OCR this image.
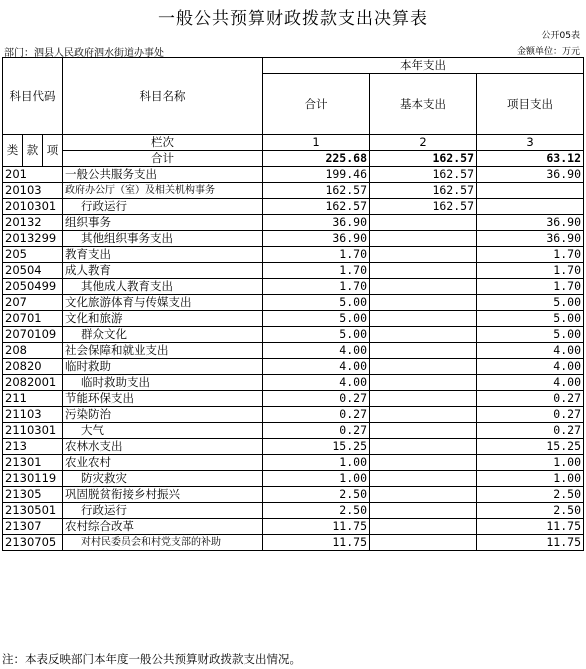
一般公共预算财政拨款支出决算表
公开05表
部门：泗县人民政府泗水街道办事处	金额单位：万元
科目代码			科目名称	本年支出			
				合计	基本支出	项目支出	

类	款	项	栏次	1	2	3	
			合计	225.68	162.57	63.12	
201			一般公共服务支出	199.46	162.57	36.90	
20103			政府办公厅（室）及相关机构事务	162.57	162.57		
2010301			行政运行	162.57	162.57		
20132			组织事务	36.90		36.90	
2013299			其他组织事务支出	36.90		36.90	
205			教育支出	1.70		1.70	
20504			成人教育	1.70		1.70	
2050499			其他成人教育支出	1.70		1.70	
207			文化旅游体育与传媒支出	5.00		5.00	
20701			文化和旅游	5.00		5.00	
2070109			群众文化	5.00		5.00	
208			社会保障和就业支出	4.00		4.00	
20820			临时救助	4.00		4.00	
2082001			临时救助支出	4.00		4.00	
211			节能环保支出	0.27		0.27	
21103			污染防治	0.27		0.27	
2110301			大气	0.27		0.27	
213			农林水支出	15.25		15.25	
21301			农业农村	1.00		1.00	
2130119			防灾救灾	1.00		1.00	
21305			巩固脱贫衔接乡村振兴	2.50		2.50	
2130501			行政运行	2.50		2.50	
21307			农村综合改革	11.75		11.75	
2130705			对村民委员会和村党支部的补助	11.75		11.75	
注：本表反映部门本年度一般公共预算财政拨款支出情况。
